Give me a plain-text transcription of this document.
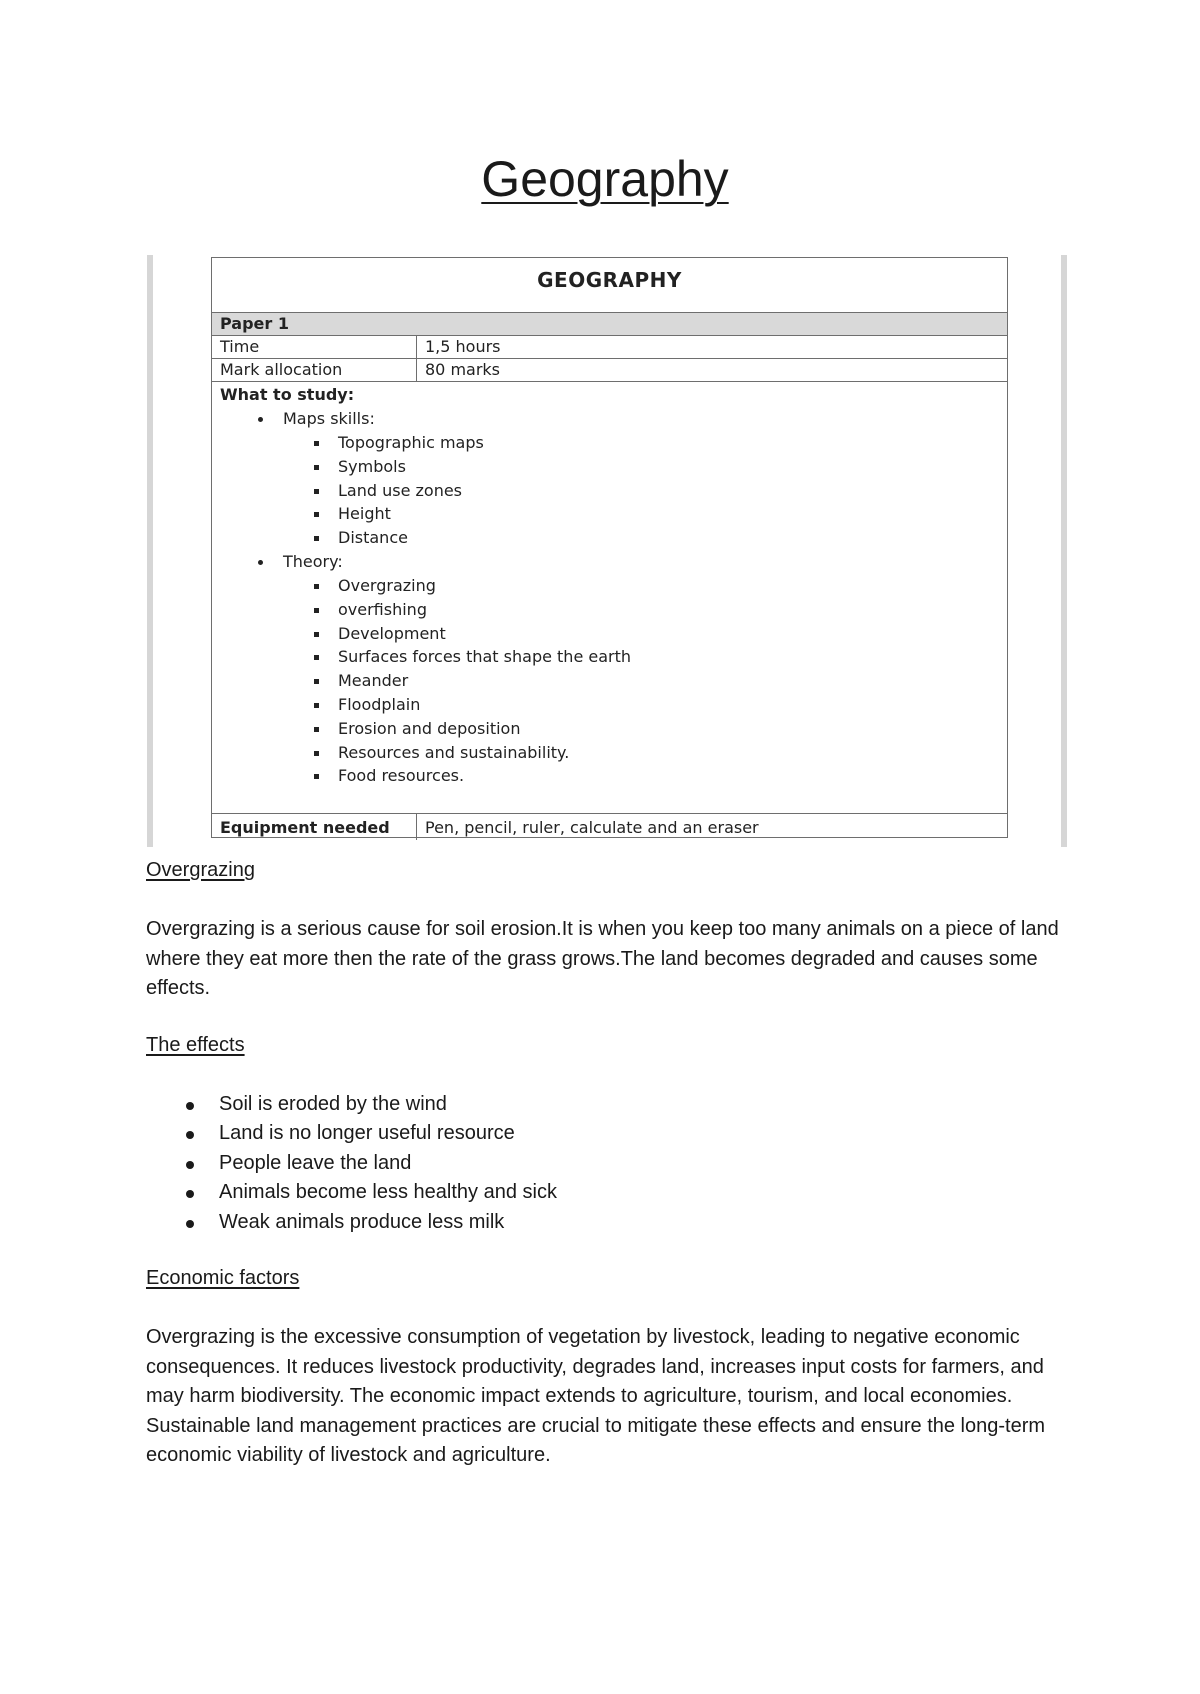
Geography
GEOGRAPHY
Paper 1
Time	1,5 hours
Mark allocation	80 marks
What to study:
Maps skills:
Topographic maps
Symbols
Land use zones
Height
Distance
Theory:
Overgrazing
overfishing
Development
Surfaces forces that shape the earth
Meander
Floodplain
Erosion and deposition
Resources and sustainability.
Food resources.
Equipment needed	Pen, pencil, ruler, calculate and an eraser
Overgrazing

Overgrazing is a serious cause for soil erosion.It is when you keep too many animals on a piece of land where they eat more then the rate of the grass grows.The land becomes degraded and causes some effects.

The effects
Soil is eroded by the wind
Land is no longer useful resource
People leave the land
Animals become less healthy and sick
Weak animals produce less milk
Economic factors

Overgrazing is the excessive consumption of vegetation by livestock, leading to negative economic consequences. It reduces livestock productivity, degrades land, increases input costs for farmers, and may harm biodiversity. The economic impact extends to agriculture, tourism, and local economies. Sustainable land management practices are crucial to mitigate these effects and ensure the long-term economic viability of livestock and agriculture.
